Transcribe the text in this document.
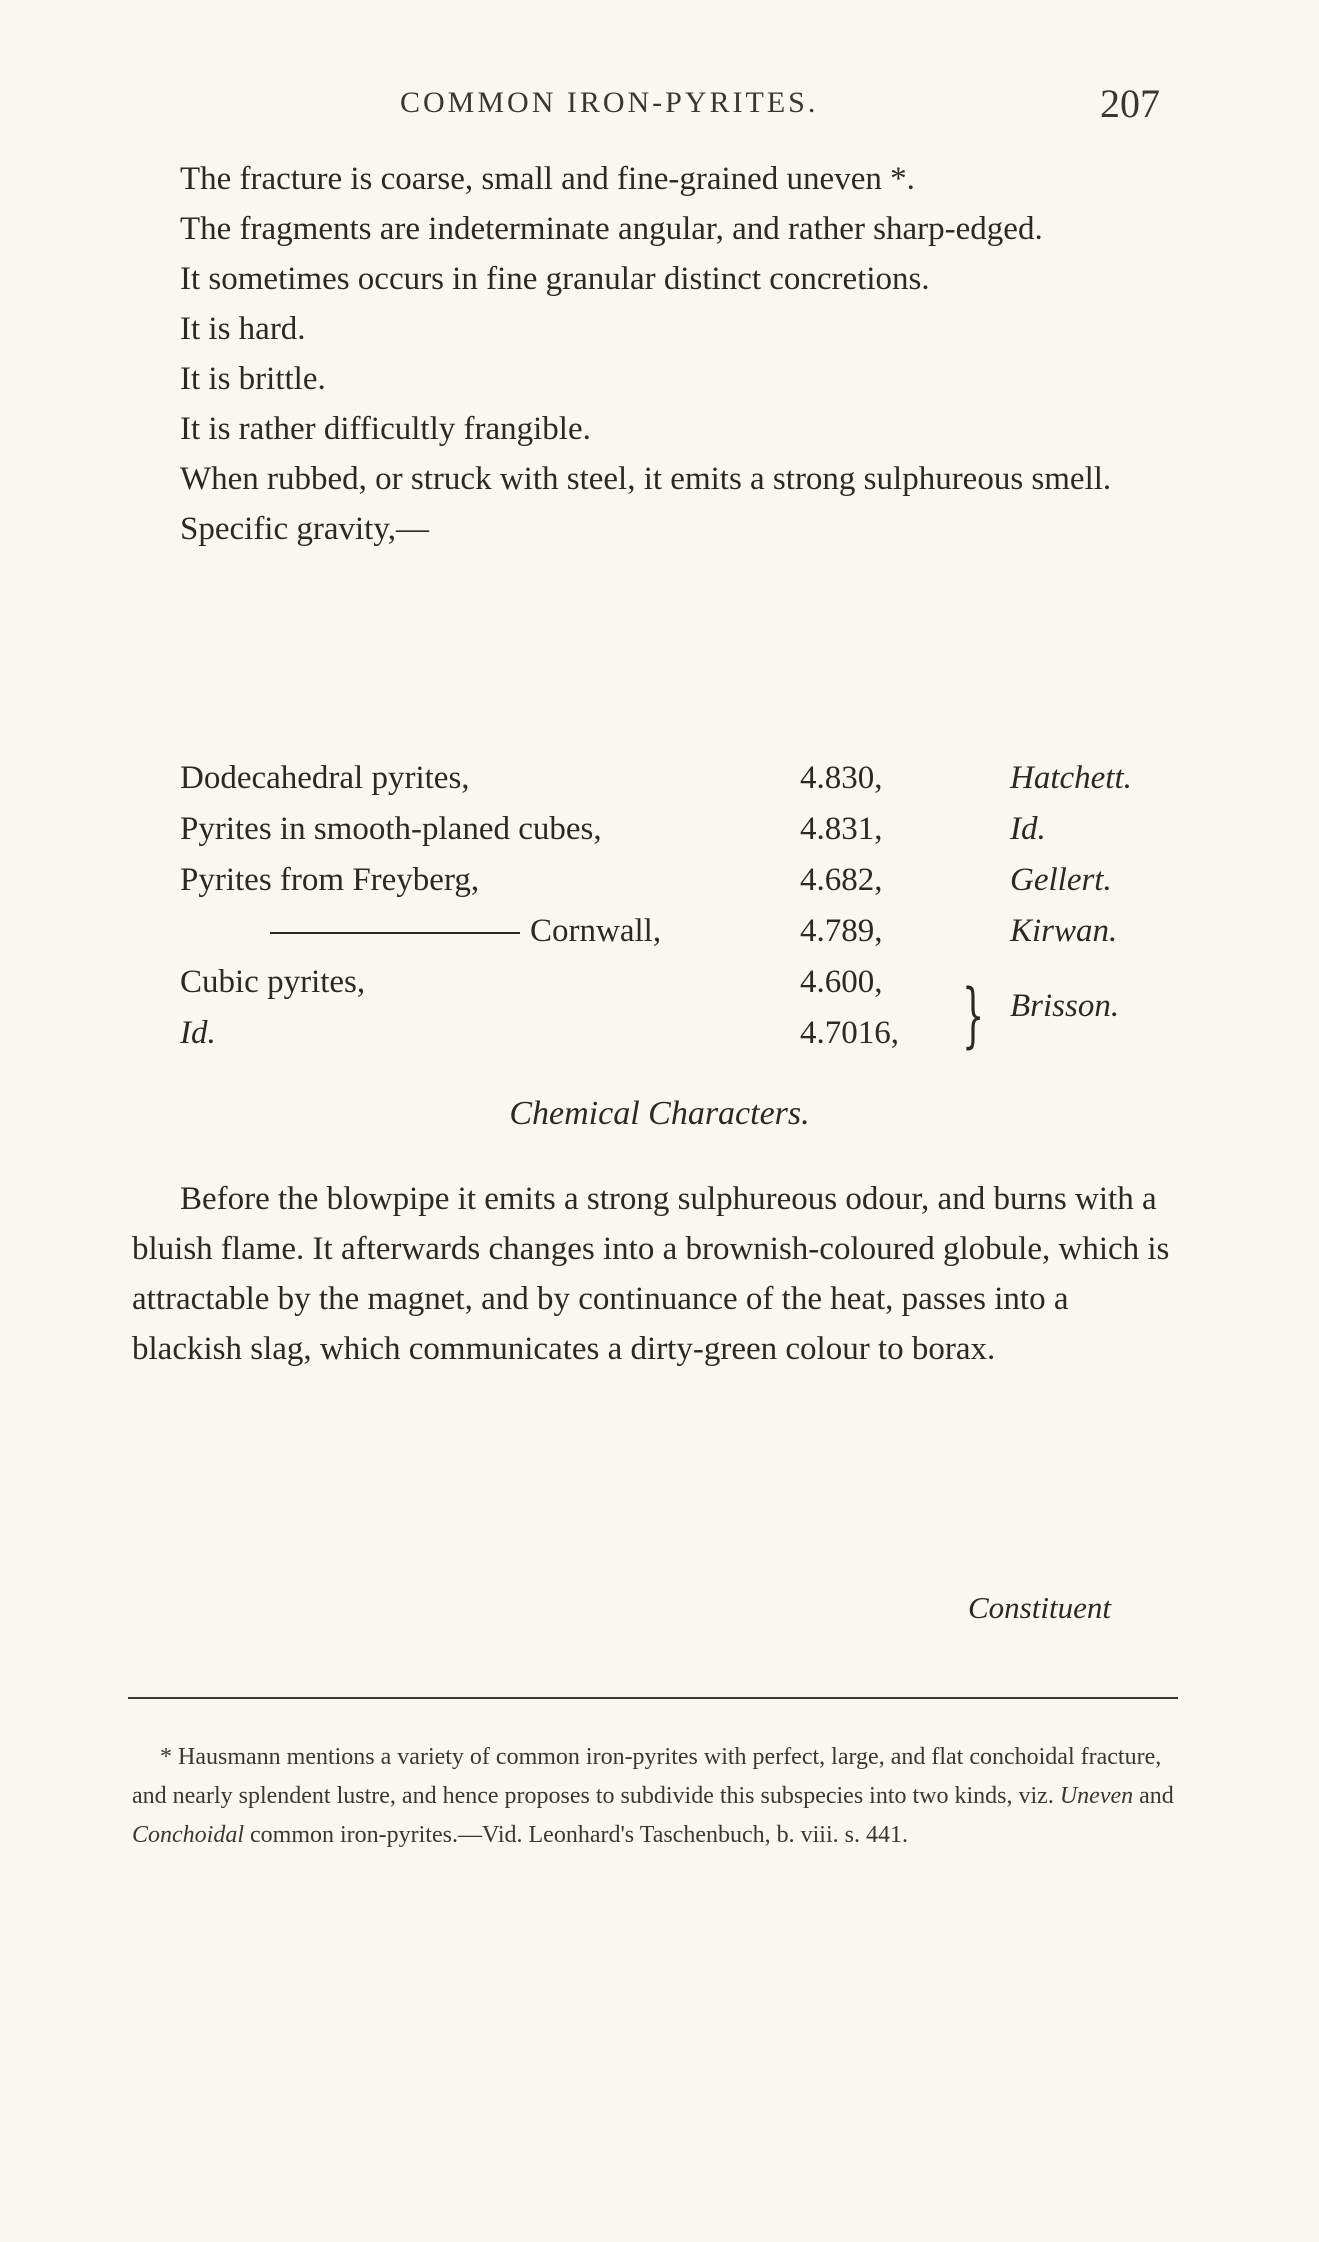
COMMON IRON-PYRITES.	207

The fracture is coarse, small and fine-grained uneven *.

The fragments are indeterminate angular, and rather sharp-edged.

It sometimes occurs in fine granular distinct concretions.

It is hard.

It is brittle.

It is rather difficultly frangible.

When rubbed, or struck with steel, it emits a strong sulphureous smell.

Specific gravity,—

Dodecahedral pyrites,	4.830,	Hatchett.
Pyrites in smooth-planed cubes,	4.831,	Id.
Pyrites from Freyberg,	4.682,	Gellert.
Cornwall,	4.789,	Kirwan.
Cubic pyrites,	4.600,
Id.	4.7016, } Brisson.
Chemical Characters.

Before the blowpipe it emits a strong sulphureous odour, and burns with a bluish flame. It afterwards changes into a brownish-coloured globule, which is attractable by the magnet, and by continuance of the heat, passes into a blackish slag, which communicates a dirty-green colour to borax.

Constituent

* Hausmann mentions a variety of common iron-pyrites with perfect, large, and flat conchoidal fracture, and nearly splendent lustre, and hence proposes to subdivide this subspecies into two kinds, viz. Uneven and Conchoidal common iron-pyrites.—Vid. Leonhard's Taschenbuch, b. viii. s. 441.
